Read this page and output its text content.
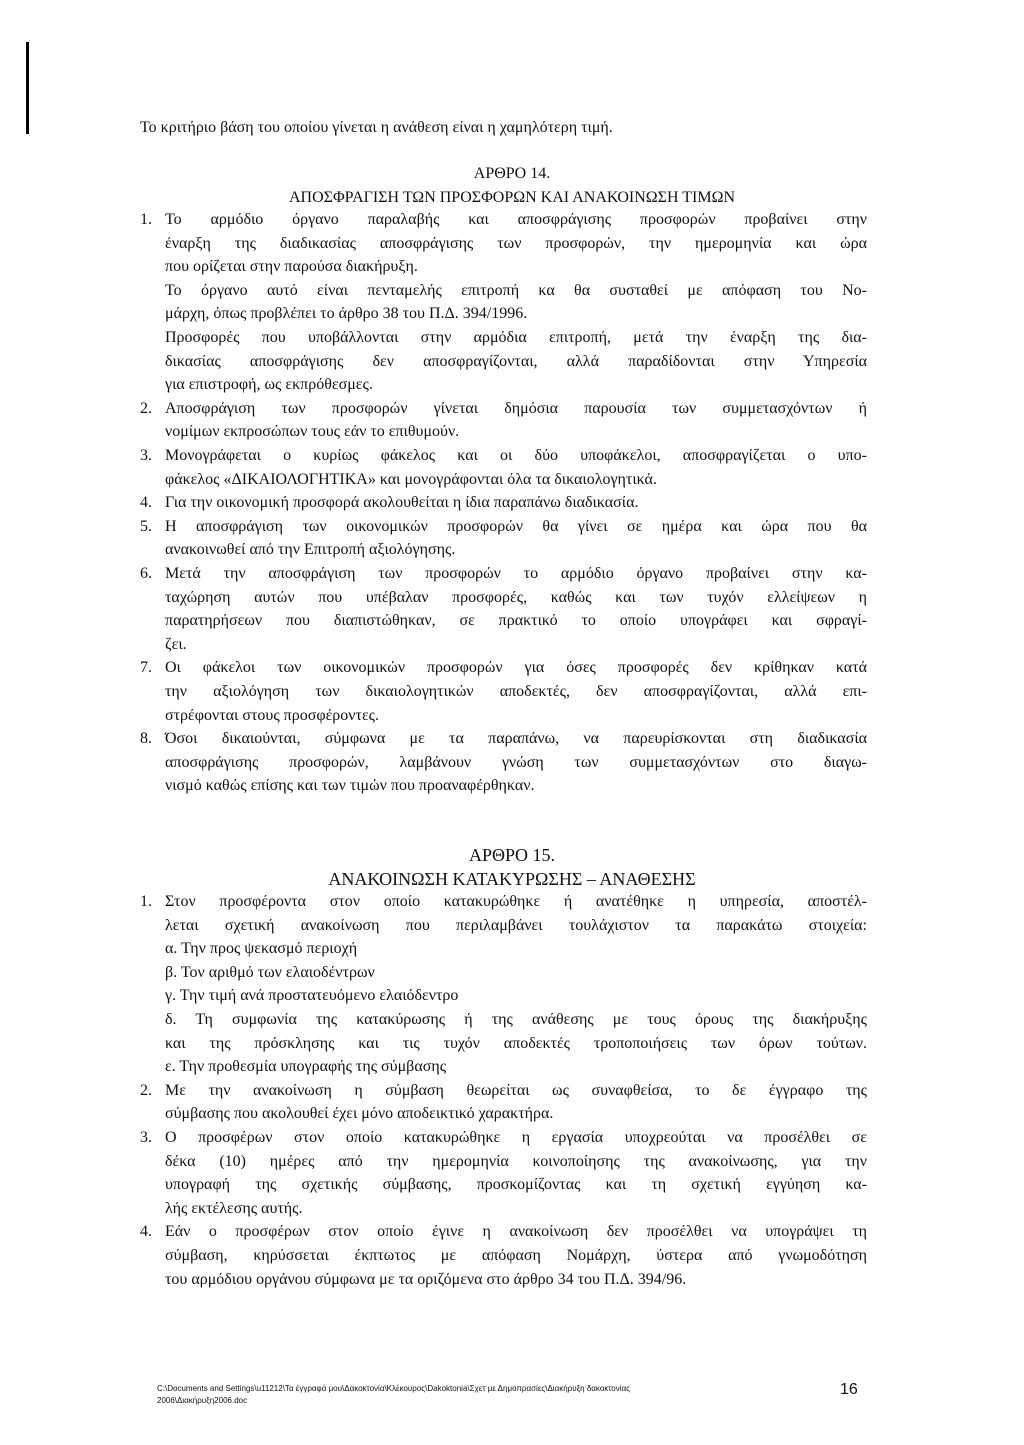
Το κριτήριο βάση του οποίου γίνεται η ανάθεση είναι η χαμηλότερη τιμή.
ΑΡΘΡΟ 14.
ΑΠΟΣΦΡΑΓΙΣΗ ΤΩΝ ΠΡΟΣΦΟΡΩΝ ΚΑΙ ΑΝΑΚΟΙΝΩΣΗ ΤΙΜΩΝ
1. Το αρμόδιο όργανο παραλαβής και αποσφράγισης προσφορών προβαίνει στην
έναρξη της διαδικασίας αποσφράγισης των προσφορών, την ημερομηνία και ώρα
που ορίζεται στην παρούσα διακήρυξη.
Το όργανο αυτό είναι πενταμελής επιτροπή κα θα συσταθεί με απόφαση του Νο-
μάρχη, όπως προβλέπει το άρθρο 38 του Π.Δ. 394/1996.
Προσφορές που υποβάλλονται στην αρμόδια επιτροπή, μετά την έναρξη της δια-
δικασίας αποσφράγισης δεν αποσφραγίζονται, αλλά παραδίδονται στην Υπηρεσία
για επιστροφή, ως εκπρόθεσμες.
2. Αποσφράγιση των προσφορών γίνεται δημόσια παρουσία των συμμετασχόντων ή
νομίμων εκπροσώπων τους εάν το επιθυμούν.
3. Μονογράφεται ο κυρίως φάκελος και οι δύο υποφάκελοι, αποσφραγίζεται ο υπο-
φάκελος «ΔΙΚΑΙΟΛΟΓΗΤΙΚΑ» και μονογράφονται όλα τα δικαιολογητικά.
4. Για την οικονομική προσφορά ακολουθείται η ίδια παραπάνω διαδικασία.
5. Η αποσφράγιση των οικονομικών προσφορών θα γίνει σε ημέρα και ώρα που θα
ανακοινωθεί από την Επιτροπή αξιολόγησης.
6. Μετά την αποσφράγιση των προσφορών το αρμόδιο όργανο προβαίνει στην κα-
ταχώρηση αυτών που υπέβαλαν προσφορές, καθώς και των τυχόν ελλείψεων η
παρατηρήσεων που διαπιστώθηκαν, σε πρακτικό το οποίο υπογράφει και σφραγί-
ζει.
7. Οι φάκελοι των οικονομικών προσφορών για όσες προσφορές δεν κρίθηκαν κατά
την αξιολόγηση των δικαιολογητικών αποδεκτές, δεν αποσφραγίζονται, αλλά επι-
στρέφονται στους προσφέροντες.
8. Όσοι δικαιούνται, σύμφωνα με τα παραπάνω, να παρευρίσκονται στη διαδικασία
αποσφράγισης προσφορών, λαμβάνουν γνώση των συμμετασχόντων στο διαγω-
νισμό καθώς επίσης και των τιμών που προαναφέρθηκαν.
ΑΡΘΡΟ 15.
ΑΝΑΚΟΙΝΩΣΗ ΚΑΤΑΚΥΡΩΣΗΣ – ΑΝΑΘΕΣΗΣ
1. Στον προσφέροντα στον οποίο κατακυρώθηκε ή ανατέθηκε η υπηρεσία, αποστέλ-
λεται σχετική ανακοίνωση που περιλαμβάνει τουλάχιστον τα παρακάτω στοιχεία:
α. Την προς ψεκασμό περιοχή
β. Τον αριθμό των ελαιοδέντρων
γ. Την τιμή ανά προστατευόμενο ελαιόδεντρο
δ. Τη συμφωνία της κατακύρωσης ή της ανάθεσης με τους όρους της διακήρυξης
και της πρόσκλησης και τις τυχόν αποδεκτές τροποποιήσεις των όρων τούτων.
ε. Την προθεσμία υπογραφής της σύμβασης
2. Με την ανακοίνωση η σύμβαση θεωρείται ως συναφθείσα, το δε έγγραφο της
σύμβασης που ακολουθεί έχει μόνο αποδεικτικό χαρακτήρα.
3. Ο προσφέρων στον οποίο κατακυρώθηκε η εργασία υποχρεούται να προσέλθει σε
δέκα (10) ημέρες από την ημερομηνία κοινοποίησης της ανακοίνωσης, για την
υπογραφή της σχετικής σύμβασης, προσκομίζοντας και τη σχετική εγγύηση κα-
λής εκτέλεσης αυτής.
4. Εάν ο προσφέρων στον οποίο έγινε η ανακοίνωση δεν προσέλθει να υπογράψει τη
σύμβαση, κηρύσσεται έκπτωτος με απόφαση Νομάρχη, ύστερα από γνωμοδότηση
του αρμόδιου οργάνου σύμφωνα με τα οριζόμενα στο άρθρο 34 του Π.Δ. 394/96.
C:\Documents and Settings\u11212\Τα έγγραφά μου\Δακοκτονία\Κλέκουρος\Dakoktonia\Σχετ με Δημοπρασίες\Διακήρυξη δακοκτονίας
2006\Διακήρυξη2006.doc
16
